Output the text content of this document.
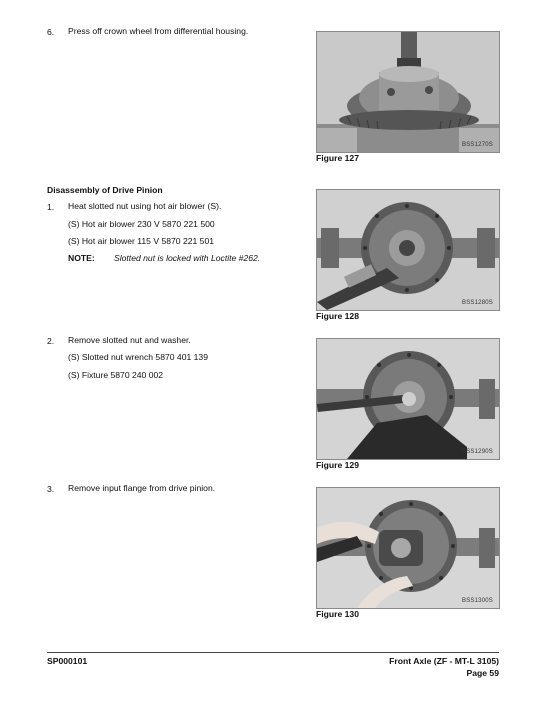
6. Press off crown wheel from differential housing.
BSS1270S
Figure 127
Disassembly of Drive Pinion
1. Heat slotted nut using hot air blower (S).
(S) Hot air blower 230 V 5870 221 500
(S) Hot air blower 115 V 5870 221 501
NOTE: Slotted nut is locked with Loctite #262.
BSS1280S
Figure 128
2. Remove slotted nut and washer.
(S) Slotted nut wrench 5870 401 139
(S) Fixture 5870 240 002
BSS1290S
Figure 129
3. Remove input flange from drive pinion.
BSS1300S
Figure 130
SP000101	Front Axle (ZF - MT-L 3105)
Page 59
